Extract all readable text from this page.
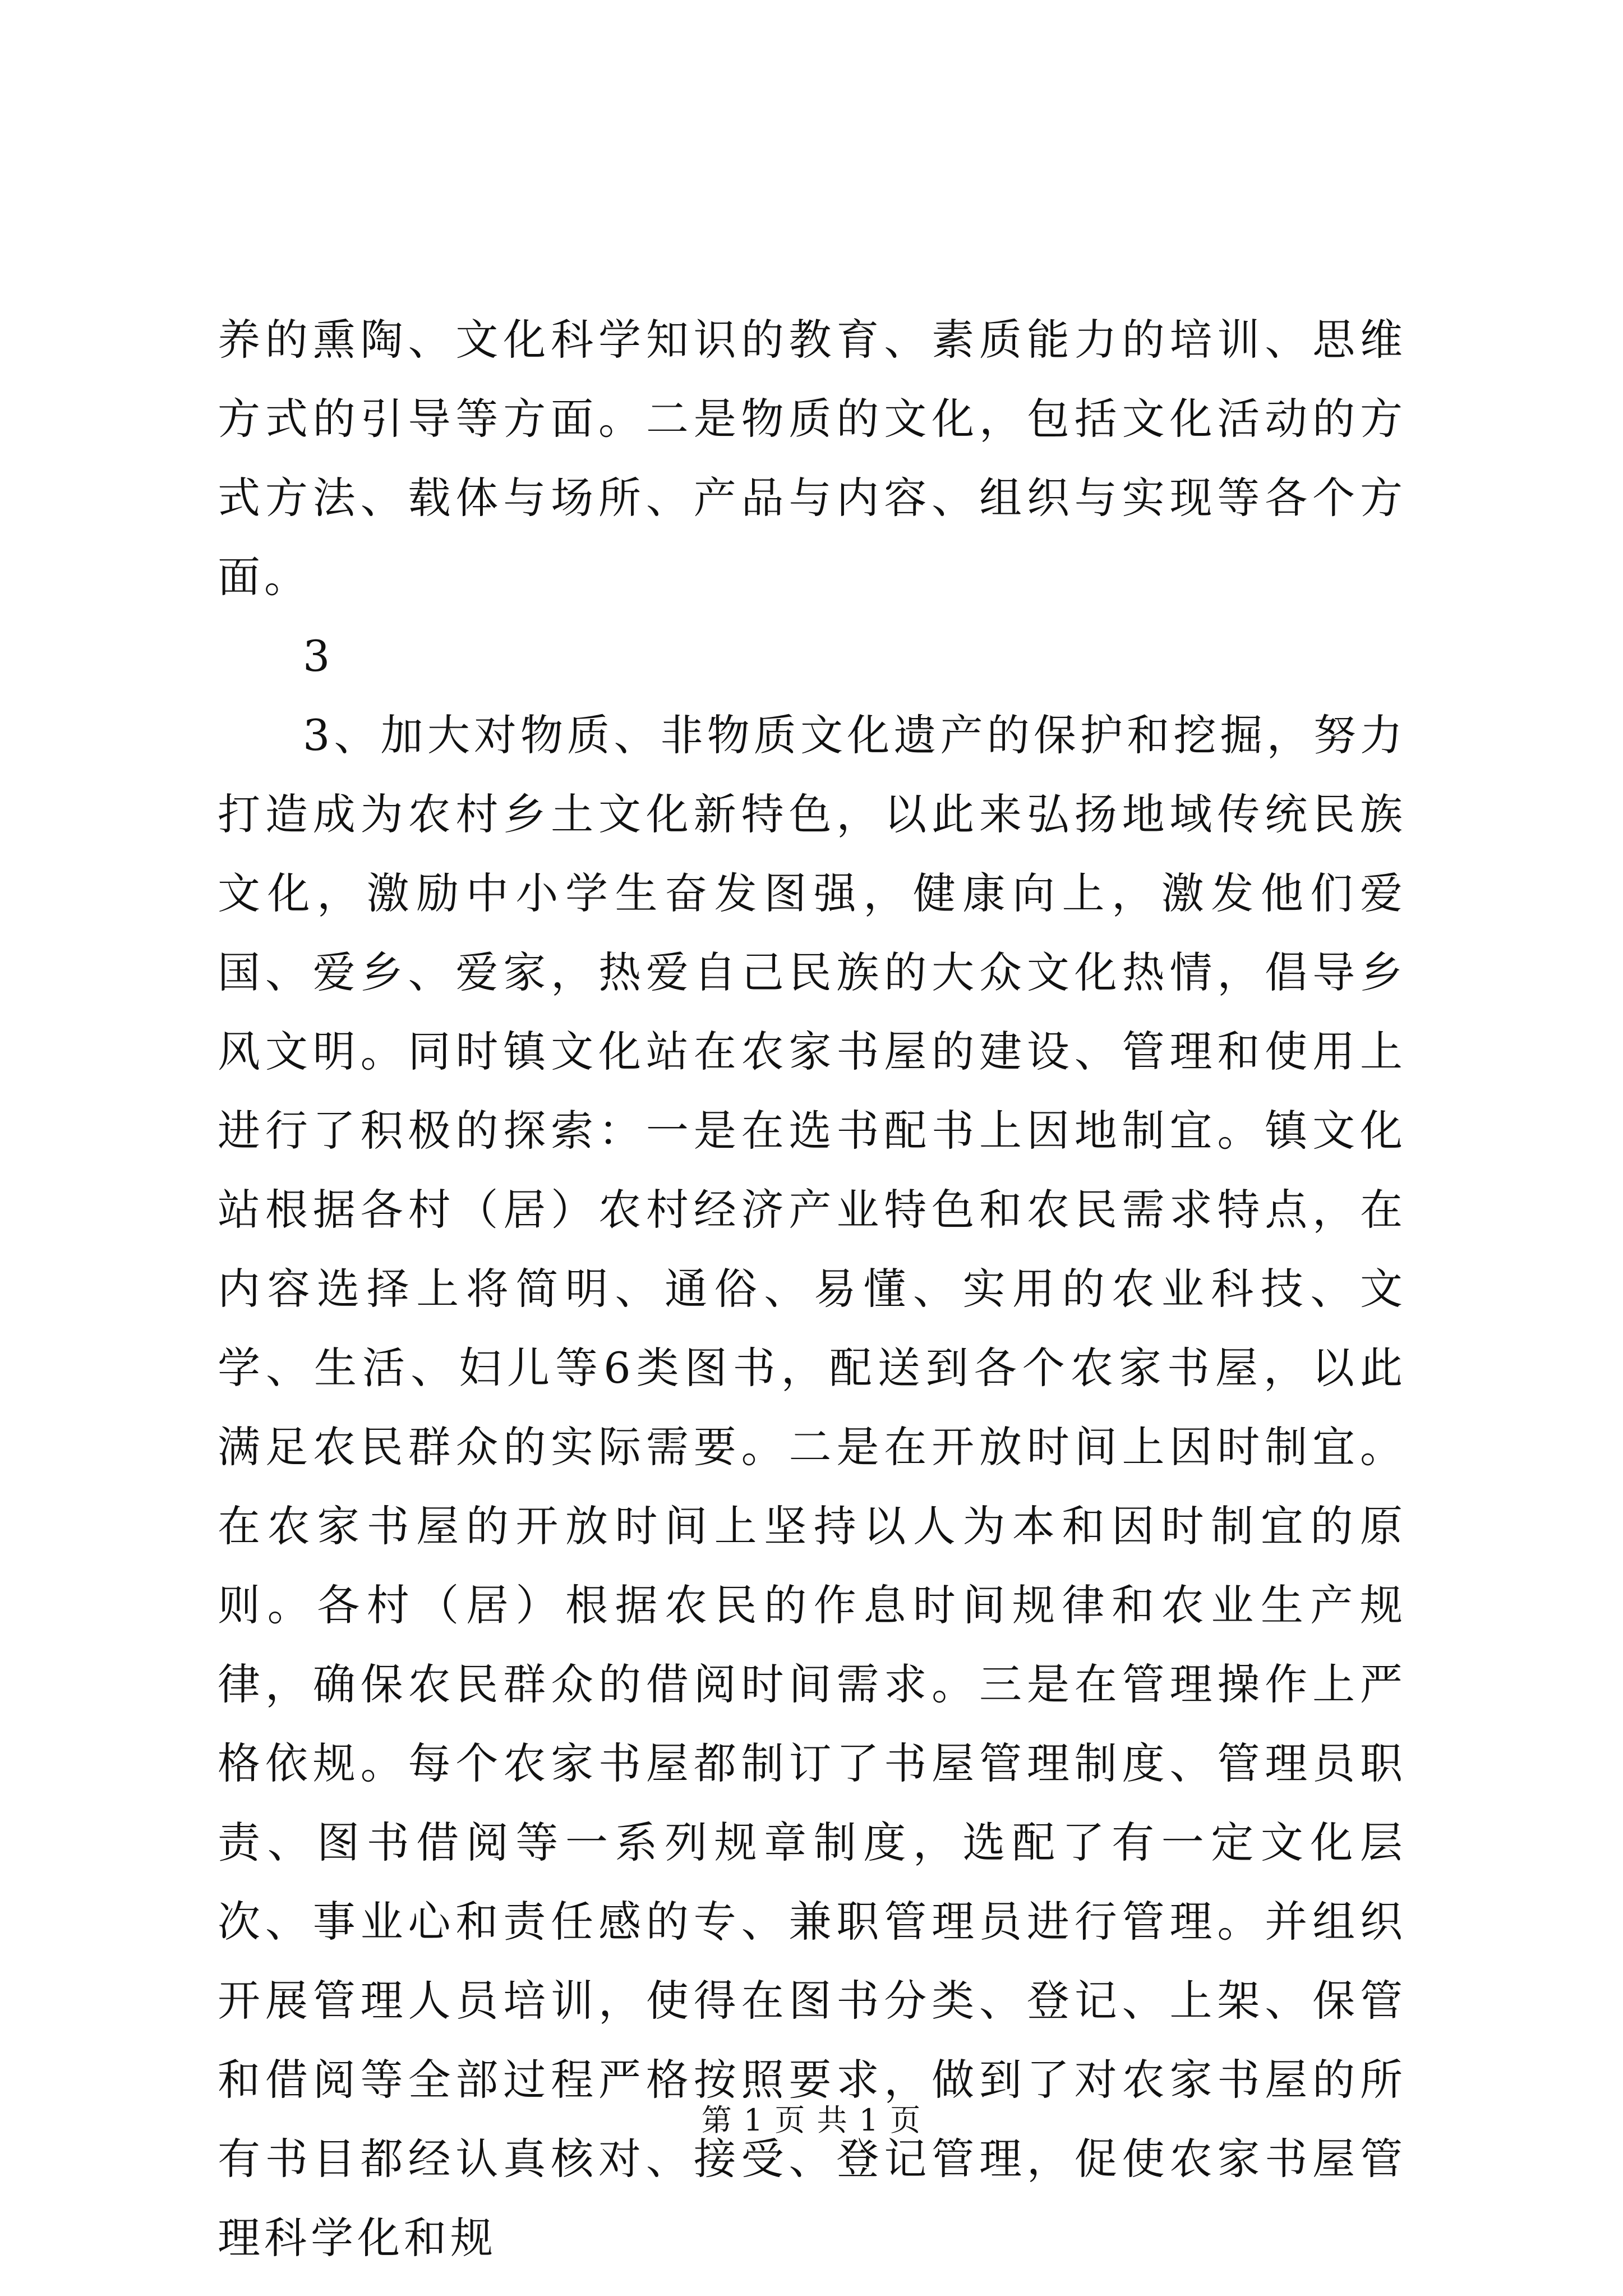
养的熏陶、文化科学知识的教育、素质能力的培训、思维方式的引导等方面。二是物质的文化，包括文化活动的方式方法、载体与场所、产品与内容、组织与实现等各个方面。

3

3、加大对物质、非物质文化遗产的保护和挖掘，努力打造成为农村乡土文化新特色，以此来弘扬地域传统民族文化，激励中小学生奋发图强，健康向上，激发他们爱国、爱乡、爱家，热爱自己民族的大众文化热情，倡导乡风文明。同时镇文化站在农家书屋的建设、管理和使用上进行了积极的探索：一是在选书配书上因地制宜。镇文化站根据各村（居）农村经济产业特色和农民需求特点，在内容选择上将简明、通俗、易懂、实用的农业科技、文学、生活、妇儿等6类图书，配送到各个农家书屋，以此满足农民群众的实际需要。二是在开放时间上因时制宜。在农家书屋的开放时间上坚持以人为本和因时制宜的原则。各村（居）根据农民的作息时间规律和农业生产规律，确保农民群众的借阅时间需求。三是在管理操作上严格依规。每个农家书屋都制订了书屋管理制度、管理员职责、图书借阅等一系列规章制度，选配了有一定文化层次、事业心和责任感的专、兼职管理员进行管理。并组织开展管理人员培训，使得在图书分类、登记、上架、保管和借阅等全部过程严格按照要求，做到了对农家书屋的所有书目都经认真核对、接受、登记管理，促使农家书屋管理科学化和规

第 1 页 共 1 页
